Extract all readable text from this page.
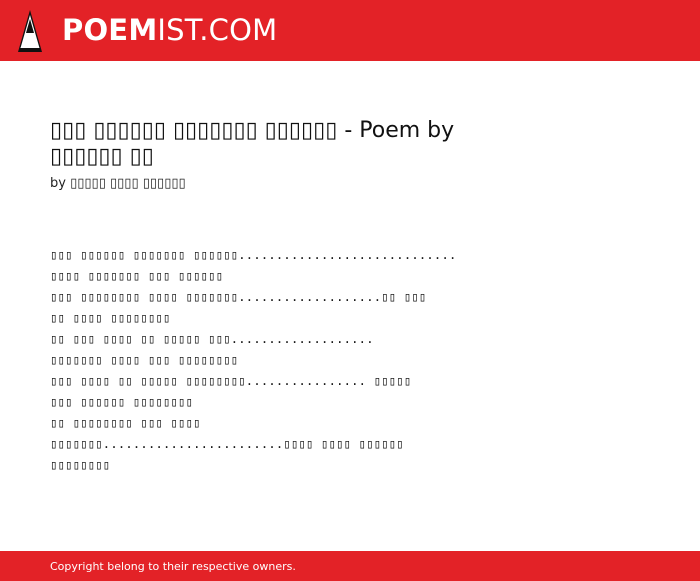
POEMIST.COM
▯▯▯ ▯▯▯▯▯▯ ▯▯▯▯▯▯▯ ▯▯▯▯▯▯ - Poem by ▯▯▯▯▯▯ ▯▯
by ▯▯▯▯▯ ▯▯▯▯ ▯▯▯▯▯▯
▯▯▯ ▯▯▯▯▯▯ ▯▯▯▯▯▯▯ ▯▯▯▯▯▯.............................
▯▯▯▯ ▯▯▯▯▯▯▯ ▯▯▯ ▯▯▯▯▯▯
▯▯▯ ▯▯▯▯▯▯▯▯ ▯▯▯▯ ▯▯▯▯▯▯▯...................▯▯ ▯▯▯
▯▯ ▯▯▯▯ ▯▯▯▯▯▯▯▯
▯▯ ▯▯▯ ▯▯▯▯ ▯▯ ▯▯▯▯▯ ▯▯▯...................
▯▯▯▯▯▯▯ ▯▯▯▯ ▯▯▯ ▯▯▯▯▯▯▯▯
▯▯▯ ▯▯▯▯ ▯▯ ▯▯▯▯▯ ▯▯▯▯▯▯▯▯................ ▯▯▯▯▯
▯▯▯ ▯▯▯▯▯▯ ▯▯▯▯▯▯▯▯
▯▯ ▯▯▯▯▯▯▯▯ ▯▯▯ ▯▯▯▯
▯▯▯▯▯▯▯........................▯▯▯▯ ▯▯▯▯ ▯▯▯▯▯▯
▯▯▯▯▯▯▯▯
Copyright belong to their respective owners.
